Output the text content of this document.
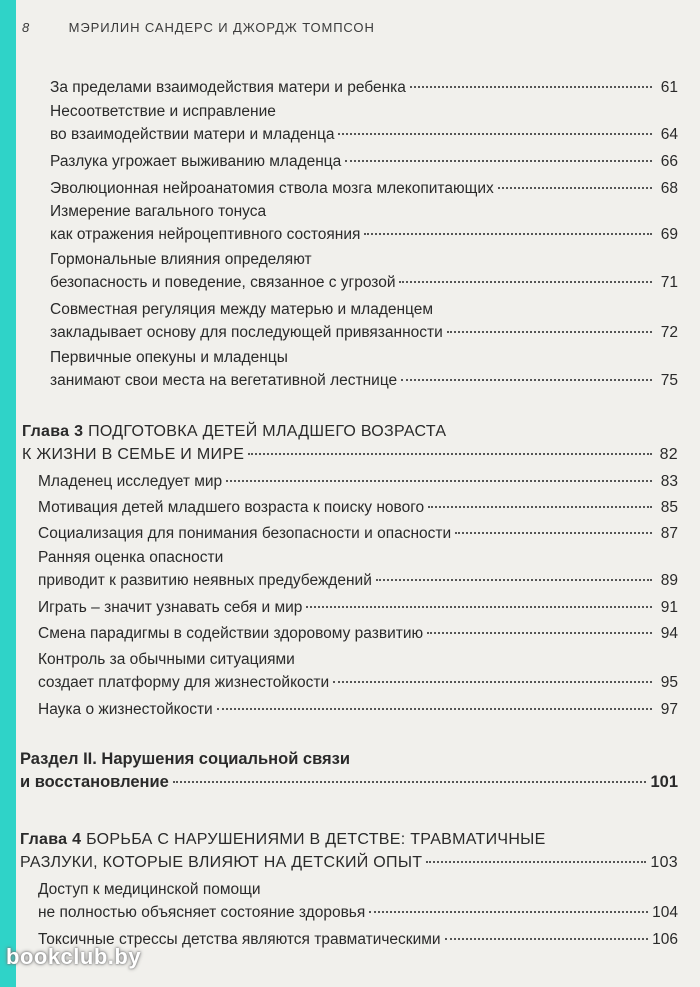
8	МЭРИЛИН САНДЕРС И ДЖОРДЖ ТОМПСОН
За пределами взаимодействия матери и ребенка	61
Несоответствие и исправление
во взаимодействии матери и младенца	64
Разлука угрожает выживанию младенца	66
Эволюционная нейроанатомия ствола мозга млекопитающих	68
Измерение вагального тонуса
как отражения нейроцептивного состояния	69
Гормональные влияния определяют
безопасность и поведение, связанное с угрозой	71
Совместная регуляция между матерью и младенцем
закладывает основу для последующей привязанности	72
Первичные опекуны и младенцы
занимают свои места на вегетативной лестнице	75
Глава 3 ПОДГОТОВКА ДЕТЕЙ МЛАДШЕГО ВОЗРАСТА
К ЖИЗНИ В СЕМЬЕ И МИРЕ	82
Младенец исследует мир	83
Мотивация детей младшего возраста к поиску нового	85
Социализация для понимания безопасности и опасности	87
Ранняя оценка опасности
приводит к развитию неявных предубеждений	89
Играть – значит узнавать себя и мир	91
Смена парадигмы в содействии здоровому развитию	94
Контроль за обычными ситуациями
создает платформу для жизнестойкости	95
Наука о жизнестойкости	97
Раздел II. Нарушения социальной связи
и восстановление	101
Глава 4 БОРЬБА С НАРУШЕНИЯМИ В ДЕТСТВЕ: ТРАВМАТИЧНЫЕ
РАЗЛУКИ, КОТОРЫЕ ВЛИЯЮТ НА ДЕТСКИЙ ОПЫТ	103
Доступ к медицинской помощи
не полностью объясняет состояние здоровья	104
Токсичные стрессы детства являются травматическими	106
bookclub.by
